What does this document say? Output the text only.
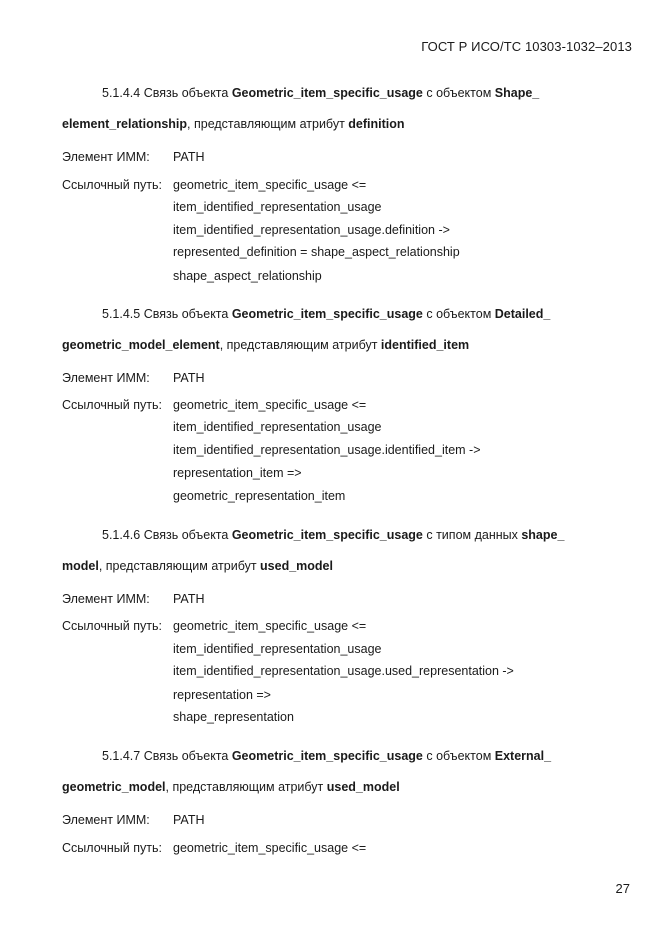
ГОСТ Р ИСО/ТС 10303-1032–2013
5.1.4.4 Связь объекта Geometric_item_specific_usage с объектом Shape_
element_relationship, представляющим атрибут definition
Элемент ИММ: PATH
Ссылочный путь: geometric_item_specific_usage <=
item_identified_representation_usage
item_identified_representation_usage.definition ->
represented_definition = shape_aspect_relationship
shape_aspect_relationship
5.1.4.5 Связь объекта Geometric_item_specific_usage с объектом Detailed_
geometric_model_element, представляющим атрибут identified_item
Элемент ИММ: PATH
Ссылочный путь: geometric_item_specific_usage <=
item_identified_representation_usage
item_identified_representation_usage.identified_item ->
representation_item =>
geometric_representation_item
5.1.4.6 Связь объекта Geometric_item_specific_usage с типом данных shape_
model, представляющим атрибут used_model
Элемент ИММ: PATH
Ссылочный путь: geometric_item_specific_usage <=
item_identified_representation_usage
item_identified_representation_usage.used_representation ->
representation =>
shape_representation
5.1.4.7 Связь объекта Geometric_item_specific_usage с объектом External_
geometric_model, представляющим атрибут used_model
Элемент ИММ: PATH
Ссылочный путь: geometric_item_specific_usage <=
27
